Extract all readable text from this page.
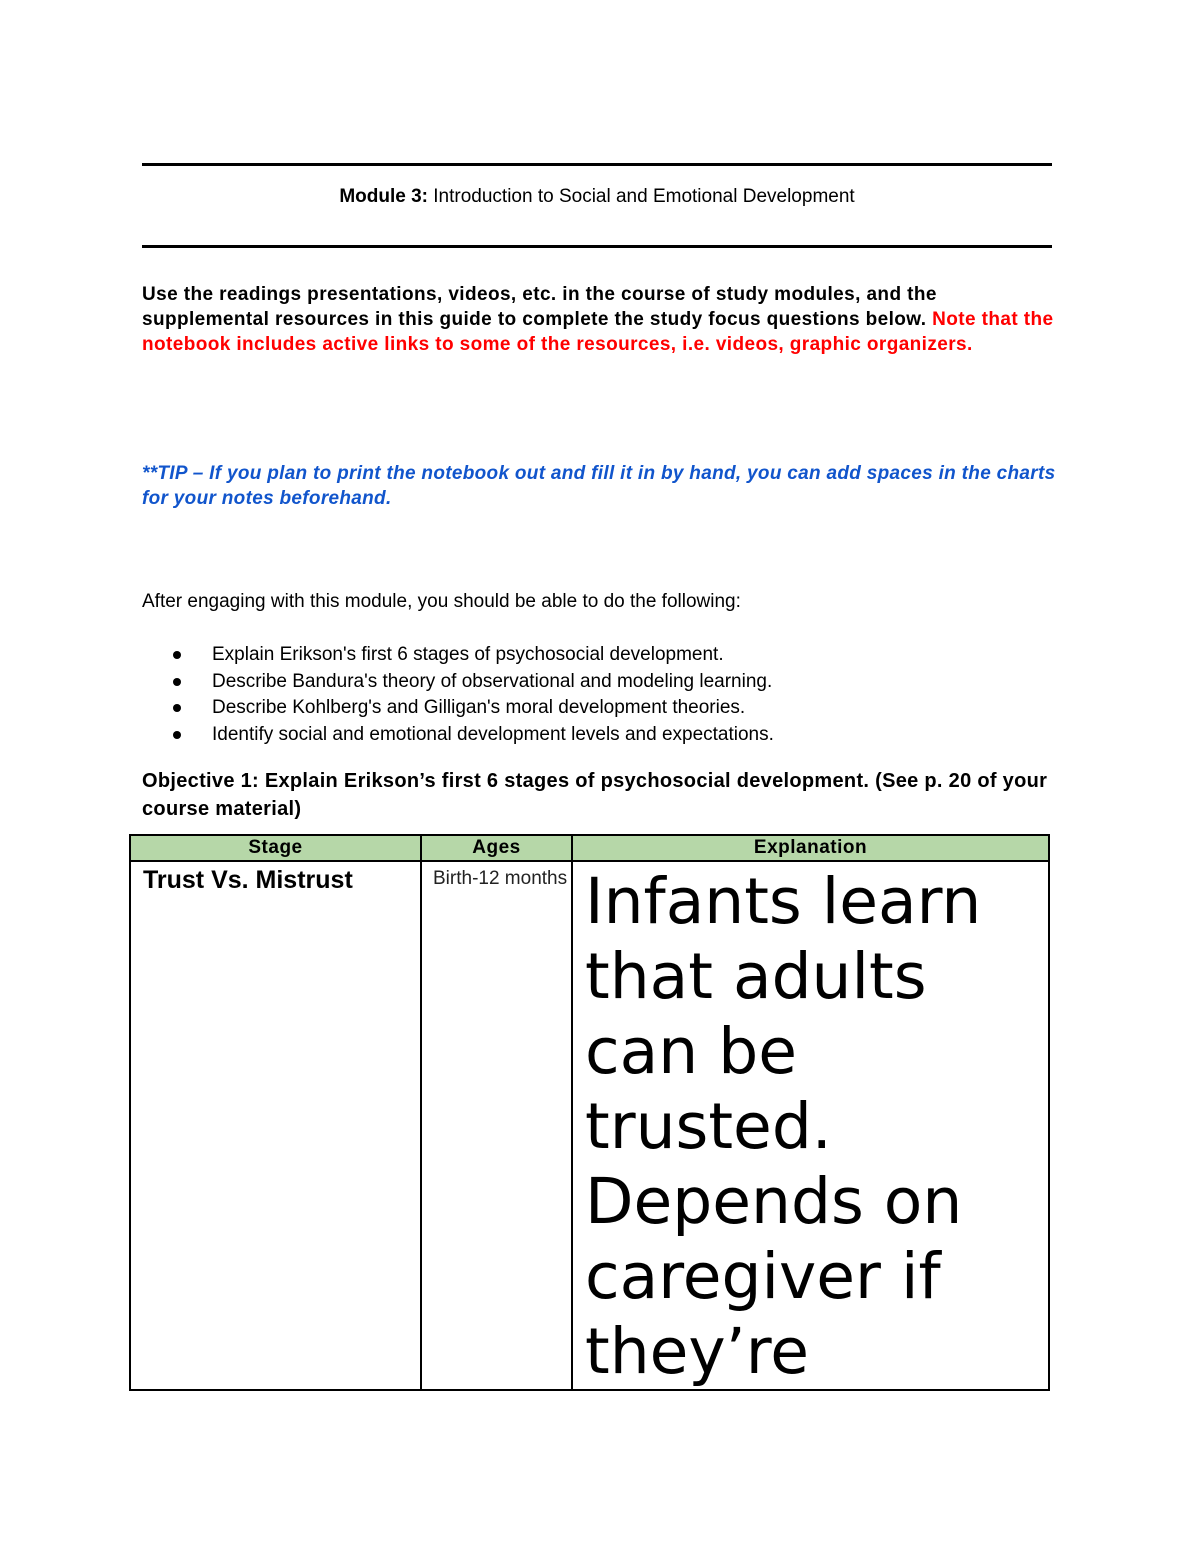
Module 3: Introduction to Social and Emotional Development
Use the readings presentations, videos, etc. in the course of study modules, and the supplemental resources in this guide to complete the study focus questions below. Note that the notebook includes active links to some of the resources, i.e. videos, graphic organizers.
**TIP – If you plan to print the notebook out and fill it in by hand, you can add spaces in the charts for your notes beforehand.
After engaging with this module, you should be able to do the following:
Explain Erikson's first 6 stages of psychosocial development.
Describe Bandura's theory of observational and modeling learning.
Describe Kohlberg's and Gilligan's moral development theories.
Identify social and emotional development levels and expectations.
Objective 1: Explain Erikson’s first 6 stages of psychosocial development. (See p. 20 of your course material)
Stage	Ages	Explanation

Trust Vs. Mistrust	Birth-12 months	Infants learn that adults can be trusted. Depends on caregiver if they’re
